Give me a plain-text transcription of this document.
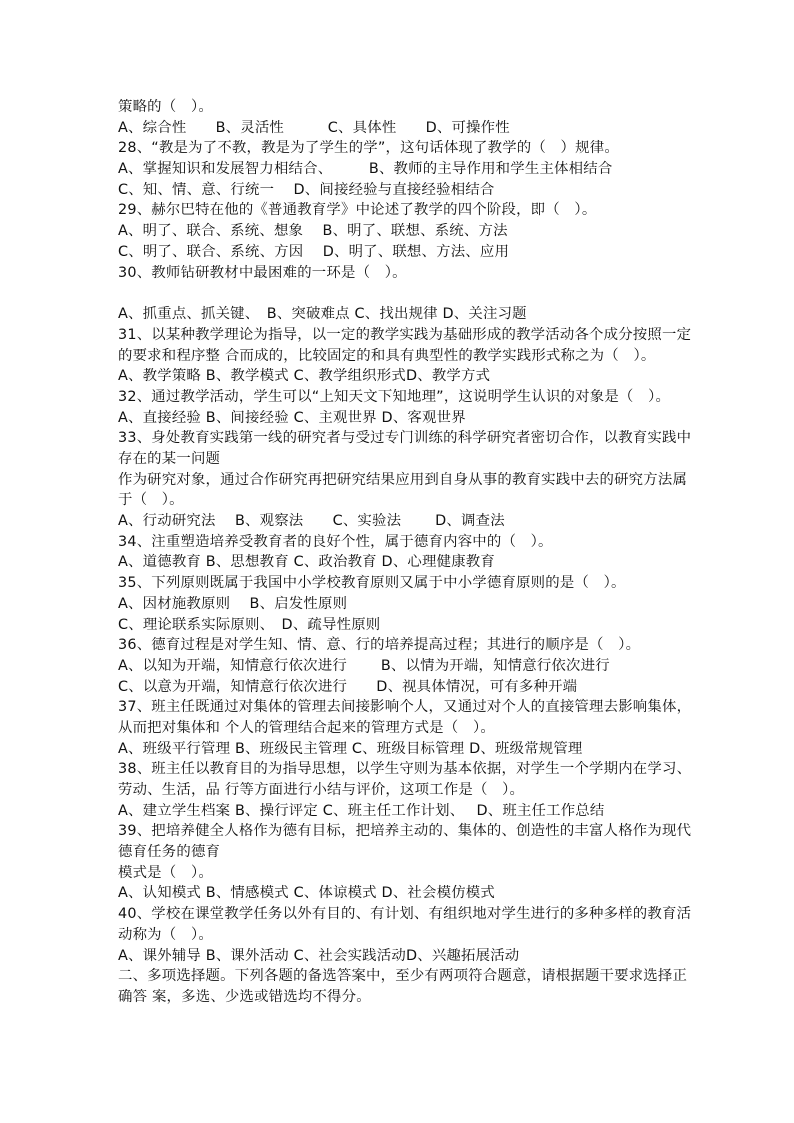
策略的（　）。
A、综合性　　B、灵活性　　　C、具体性　　D、可操作性
28、“教是为了不教，教是为了学生的学”，这句话体现了教学的（　）规律。
A、掌握知识和发展智力相结合、　　　B、教师的主导作用和学生主体相结合
C、知、情、意、行统一　 D、间接经验与直接经验相结合
29、赫尔巴特在他的《普通教育学》中论述了教学的四个阶段，即（　）。
A、明了、联合、系统、想象　 B、明了、联想、系统、方法
C、明了、联合、系统、方因　 D、明了、联想、方法、应用
30、教师钻研教材中最困难的一环是（　）。
A、抓重点、抓关键、　B、突破难点 C、找出规律 D、关注习题
31、以某种教学理论为指导，以一定的教学实践为基础形成的教学活动各个成分按照一定
的要求和程序整 合而成的，比较固定的和具有典型性的教学实践形式称之为（　）。
A、教学策略 B、教学模式 C、教学组织形式D、教学方式
32、通过教学活动，学生可以“上知天文下知地理”，这说明学生认识的对象是（　）。
A、直接经验 B、间接经验 C、主观世界 D、客观世界
33、身处教育实践第一线的研究者与受过专门训练的科学研究者密切合作，以教育实践中
存在的某一问题
作为研究对象，通过合作研究再把研究结果应用到自身从事的教育实践中去的研究方法属
于（　）。
A、行动研究法　 B、观察法　　C、实验法　　 D、调查法
34、注重塑造培养受教育者的良好个性，属于德育内容中的（　）。
A、道德教育 B、思想教育 C、政治教育 D、心理健康教育
35、下列原则既属于我国中小学校教育原则又属于中小学德育原则的是（　）。
A、因材施教原则　 B、启发性原则
C、理论联系实际原则、　D、疏导性原则
36、德育过程是对学生知、情、意、行的培养提高过程；其进行的顺序是（　）。
A、以知为开端，知情意行依次进行　　 B、以情为开端，知情意行依次进行
C、以意为开端，知情意行依次进行　　D、视具体情况，可有多种开端
37、班主任既通过对集体的管理去间接影响个人，又通过对个人的直接管理去影响集体，
从而把对集体和 个人的管理结合起来的管理方式是（　）。
A、班级平行管理 B、班级民主管理 C、班级目标管理 D、班级常规管理
38、班主任以教育目的为指导思想，以学生守则为基本依据，对学生一个学期内在学习、
劳动、生活，品 行等方面进行小结与评价，这项工作是（　）。
A、建立学生档案 B、操行评定 C、班主任工作计划、　 D、班主任工作总结
39、把培养健全人格作为德有目标，把培养主动的、集体的、创造性的丰富人格作为现代
德育任务的德育
模式是（　）。
A、认知模式 B、情感模式 C、体谅模式 D、社会模仿模式
40、学校在课堂教学任务以外有目的、有计划、有组织地对学生进行的多种多样的教育活
动称为（　）。
A、课外辅导 B、课外活动 C、社会实践活动D、兴趣拓展活动
二、多项选择题。下列各题的备选答案中，至少有两项符合题意，请根据题干要求选择正
确答 案，多选、少选或错选均不得分。
